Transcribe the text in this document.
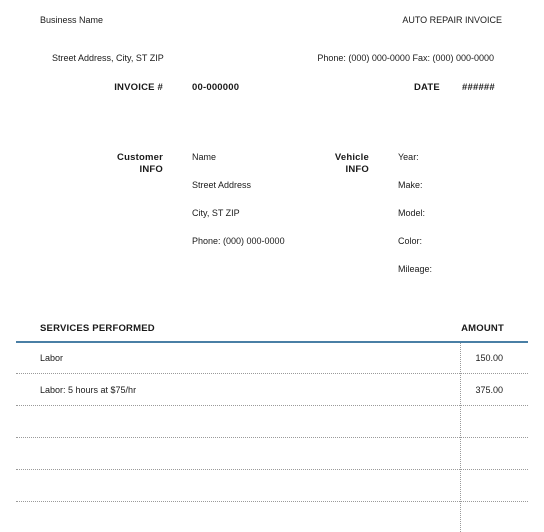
Business Name	AUTO REPAIR INVOICE
Street Address, City, ST ZIP	Phone: (000) 000-0000 Fax: (000) 000-0000
INVOICE #	00-000000	DATE ######
Customer
INFO
Name
Street Address
City, ST ZIP
Phone: (000) 000-0000
Vehicle
INFO
Year:
Make:
Model:
Color:
Mileage:
SERVICES PERFORMED	AMOUNT
Labor	150.00
Labor: 5 hours at $75/hr	375.00
